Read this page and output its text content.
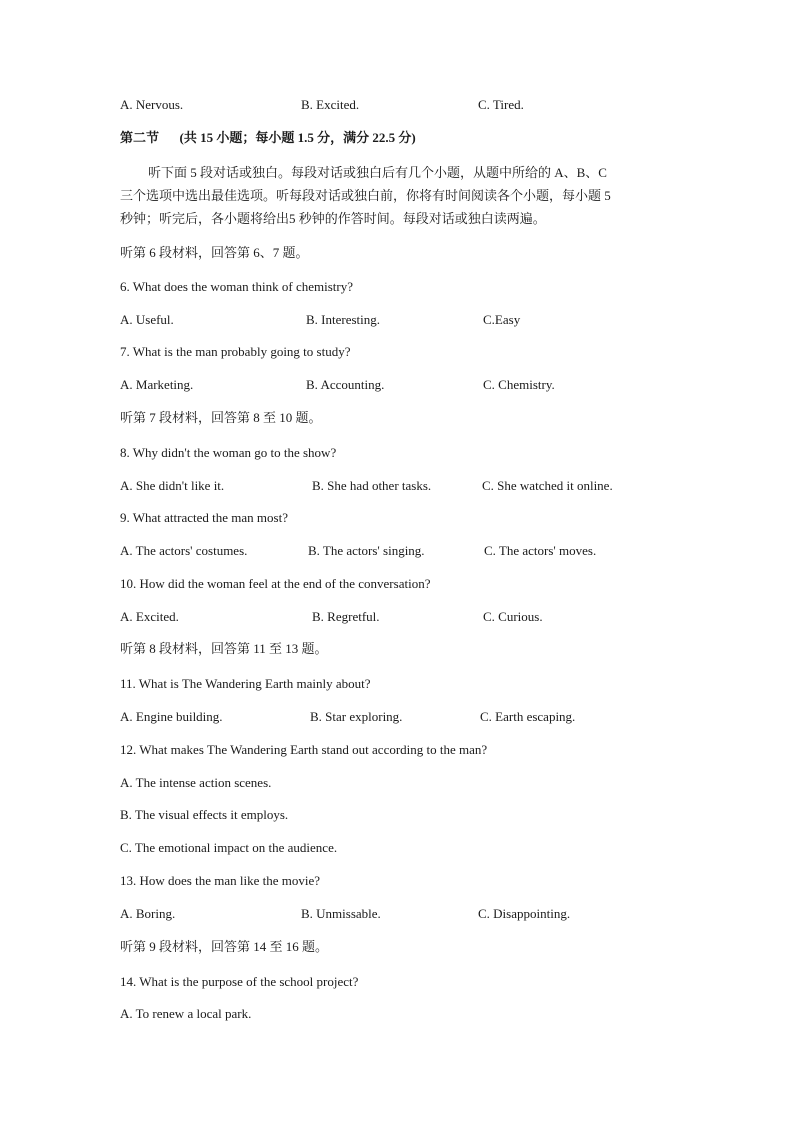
A. Nervous.	B. Excited.	C. Tired.
第二节 (共 15 小题；每小题 1.5 分，满分 22.5 分)
听下面 5 段对话或独白。每段对话或独白后有几个小题，从题中所给的 A、B、C
三个选项中选出最佳选项。听每段对话或独白前，你将有时间阅读各个小题，每小题 5
秒钟；听完后，各小题将给出5 秒钟的作答时间。每段对话或独白读两遍。
听第 6 段材料，回答第 6、7 题。
6. What does the woman think of chemistry?
A. Useful.	B. Interesting.	C.Easy
7. What is the man probably going to study?
A. Marketing.	B. Accounting.	C. Chemistry.
听第 7 段材料，回答第 8 至 10 题。
8. Why didn't the woman go to the show?
A. She didn't like it.	B. She had other tasks.	C. She watched it online.
9. What attracted the man most?
A. The actors' costumes.	B. The actors' singing.	C. The actors' moves.
10. How did the woman feel at the end of the conversation?
A. Excited.	B. Regretful.	C. Curious.
听第 8 段材料，回答第 11 至 13 题。
11. What is The Wandering Earth mainly about?
A. Engine building.	B. Star exploring.	C. Earth escaping.
12. What makes The Wandering Earth stand out according to the man?
A. The intense action scenes.
B. The visual effects it employs.
C. The emotional impact on the audience.
13. How does the man like the movie?
A. Boring.	B. Unmissable.	C. Disappointing.
听第 9 段材料，回答第 14 至 16 题。
14. What is the purpose of the school project?
A. To renew a local park.
